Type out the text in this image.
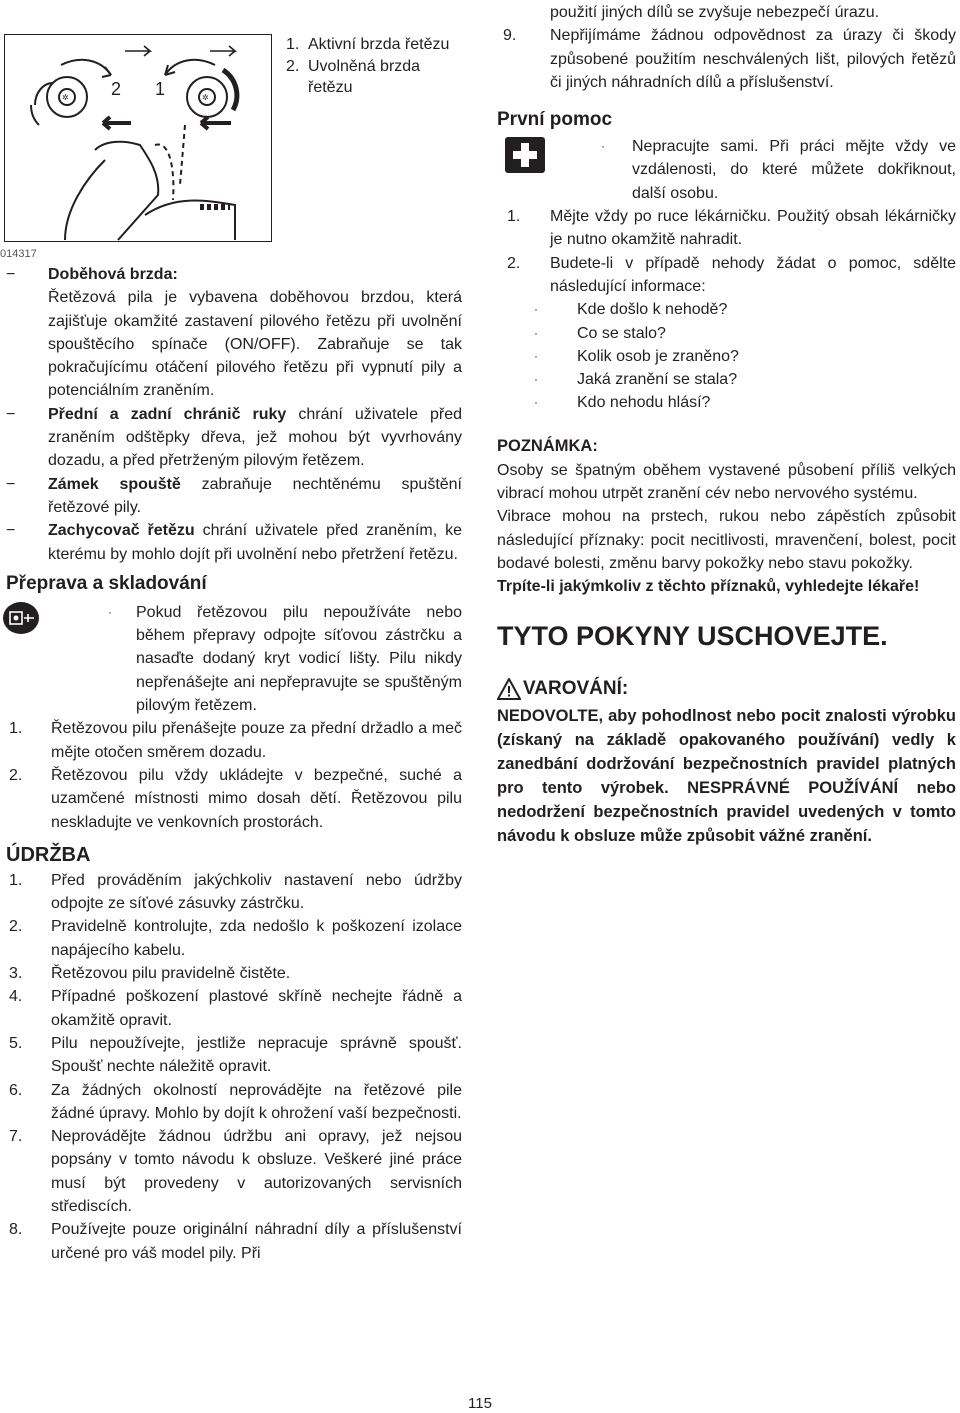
✲	✲
2 1
014317
1. Aktivní brzda řetězu
2. Uvolněná brzda řetězu
− Doběhová brzda:
Řetězová pila je vybavena doběhovou brzdou, která zajišťuje okamžité zastavení pilového řetězu při uvolnění spouštěcího spínače (ON/OFF). Zabraňuje se tak pokračujícímu otáčení pilového řetězu při vypnutí pily a potenciálním zraněním.
− Přední a zadní chránič ruky chrání uživatele před zraněním odštěpky dřeva, jež mohou být vyvrhovány dozadu, a před přetrženým pilovým řetězem.
− Zámek spouště zabraňuje nechtěnému spuštění řetězové pily.
− Zachycovač řetězu chrání uživatele před zraněním, ke kterému by mohlo dojít při uvolnění nebo přetržení řetězu.

Přeprava a skladování

· Pokud řetězovou pilu nepoužíváte nebo během přepravy odpojte síťovou zástrčku a nasaďte dodaný kryt vodicí lišty. Pilu nikdy nepřenášejte ani nepřepravujte se spuštěným pilovým řetězem.
1. Řetězovou pilu přenášejte pouze za přední držadlo a meč mějte otočen směrem dozadu.
2. Řetězovou pilu vždy ukládejte v bezpečné, suché a uzamčené místnosti mimo dosah dětí. Řetězovou pilu neskladujte ve venkovních prostorách.

ÚDRŽBA

1. Před prováděním jakýchkoliv nastavení nebo údržby odpojte ze síťové zásuvky zástrčku.
2. Pravidelně kontrolujte, zda nedošlo k poškození izolace napájecího kabelu.
3. Řetězovou pilu pravidelně čistěte.
4. Případné poškození plastové skříně nechejte řádně a okamžitě opravit.
5. Pilu nepoužívejte, jestliže nepracuje správně spoušť. Spoušť nechte náležitě opravit.
6. Za žádných okolností neprovádějte na řetězové pile žádné úpravy. Mohlo by dojít k ohrožení vaší bezpečnosti.
7. Neprovádějte žádnou údržbu ani opravy, jež nejsou popsány v tomto návodu k obsluze. Veškeré jiné práce musí být provedeny v autorizovaných servisních střediscích.
8. Používejte pouze originální náhradní díly a příslušenství určené pro váš model pily. Při
použití jiných dílů se zvyšuje nebezpečí úrazu.
9. Nepřijímáme žádnou odpovědnost za úrazy či škody způsobené použitím neschválených lišt, pilových řetězů či jiných náhradních dílů a příslušenství.

První pomoc

· Nepracujte sami. Při práci mějte vždy ve vzdálenosti, do které můžete dokřiknout, další osobu.
1. Mějte vždy po ruce lékárničku. Použitý obsah lékárničky je nutno okamžitě nahradit.
2. Budete-li v případě nehody žádat o pomoc, sdělte následující informace:
· Kde došlo k nehodě?
· Co se stalo?
· Kolik osob je zraněno?
· Jaká zranění se stala?
· Kdo nehodu hlásí?

POZNÁMKA:

Osoby se špatným oběhem vystavené působení příliš velkých vibrací mohou utrpět zranění cév nebo nervového systému.

Vibrace mohou na prstech, rukou nebo zápěstích způsobit následující příznaky: pocit necitlivosti, mravenčení, bolest, pocit bodavé bolesti, změnu barvy pokožky nebo stavu pokožky.

Trpíte-li jakýmkoliv z těchto příznaků, vyhledejte lékaře!

TYTO POKYNY USCHOVEJTE.

VAROVÁNÍ:

NEDOVOLTE, aby pohodlnost nebo pocit znalosti výrobku (získaný na základě opakovaného používání) vedly k zanedbání dodržování bezpečnostních pravidel platných pro tento výrobek. NESPRÁVNÉ POUŽÍVÁNÍ nebo nedodržení bezpečnostních pravidel uvedených v tomto návodu k obsluze může způsobit vážné zranění.

115
